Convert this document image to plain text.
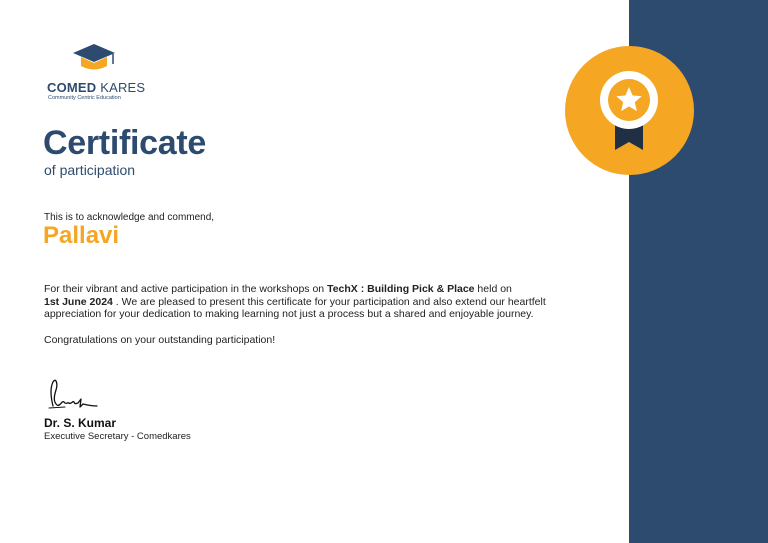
COMED KARES
Community Centric Education
Certificate
of participation
This is to acknowledge and commend,
Pallavi
For their vibrant and active participation in the workshops on TechX : Building Pick & Place held on
1st June 2024 . We are pleased to present this certificate for your participation and also extend our heartfelt appreciation for your dedication to making learning not just a process but a shared and enjoyable journey.
Congratulations on your outstanding participation!
Dr. S. Kumar
Executive Secretary - Comedkares
